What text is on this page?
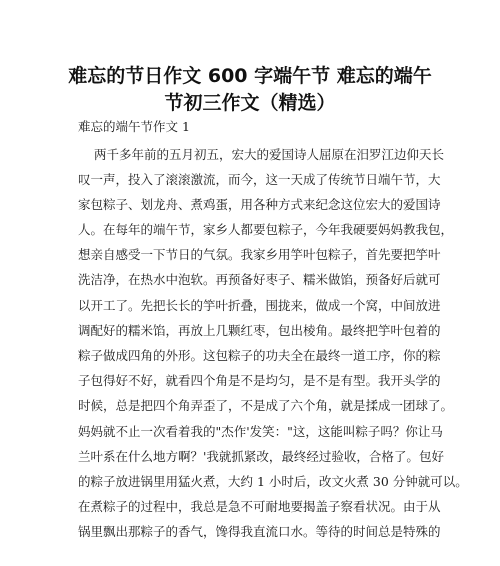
难忘的节日作文 600 字端午节 难忘的端午
节初三作文（精选）
难忘的端午节作文 1
两千多年前的五月初五，宏大的爱国诗人屈原在汨罗江边仰天长
叹一声，投入了滚滚激流，而今，这一天成了传统节日端午节，大
家包粽子、划龙舟、煮鸡蛋，用各种方式来纪念这位宏大的爱国诗
人。在每年的端午节，家乡人都要包粽子，今年我硬要妈妈教我包，
想亲自感受一下节日的气氛。我家乡用竽叶包粽子，首先要把竽叶
洗洁净，在热水中泡软。再预备好枣子、糯米做馅，预备好后就可
以开工了。先把长长的竽叶折叠，围拢来，做成一个窝，中间放进
调配好的糯米馅，再放上几颗红枣，包出棱角。最终把竽叶包着的
粽子做成四角的外形。这包粽子的功夫全在最终一道工序，你的粽
子包得好不好，就看四个角是不是均匀，是不是有型。我开头学的
时候，总是把四个角弄歪了，不是成了六个角，就是揉成一团球了。
妈妈就不止一次看着我的"杰作'发笑："这，这能叫粽子吗？你让马
兰叶系在什么地方啊？'我就抓紧改，最终经过验收，合格了。包好
的粽子放进锅里用猛火煮，大约 1 小时后，改文火煮 30 分钟就可以。
在煮粽子的过程中，我总是急不可耐地要揭盖子察看状况。由于从
锅里飘出那粽子的香气，馋得我直流口水。等待的时间总是特殊的
